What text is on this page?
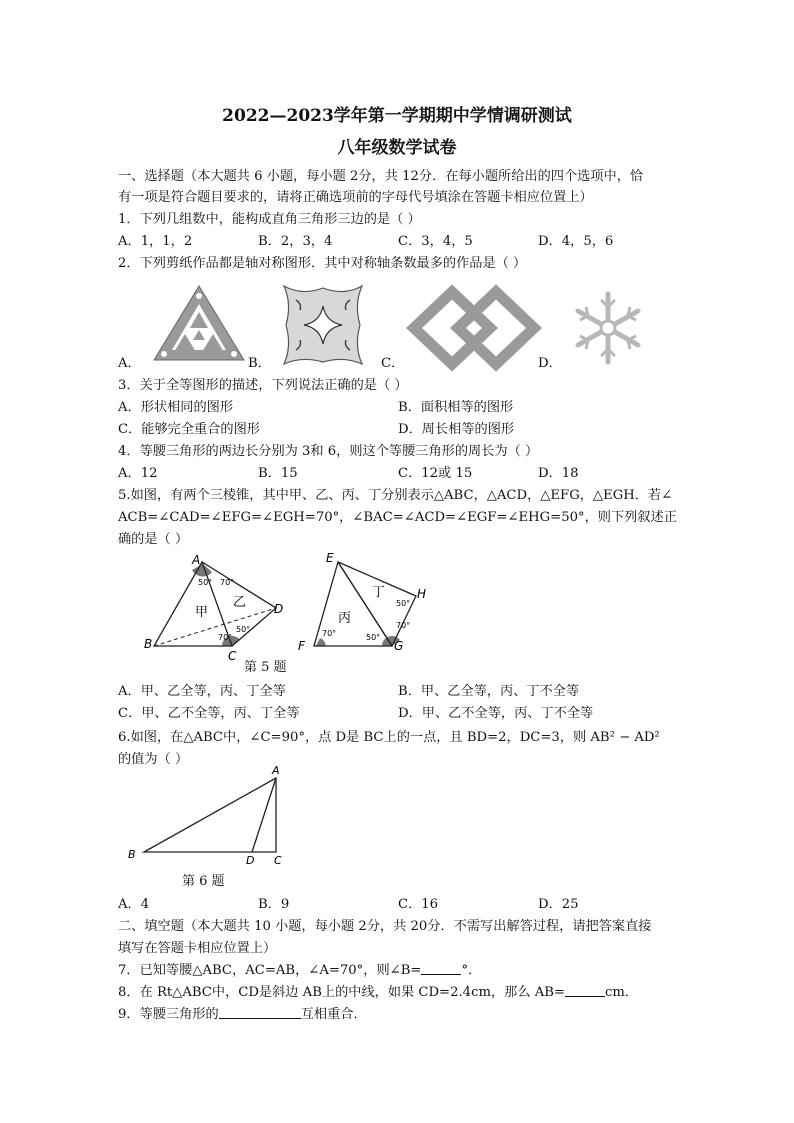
2022—2023学年第一学期期中学情调研测试
八年级数学试卷
一、选择题（本大题共 6 小题，每小题 2分，共 12分．在每小题所给出的四个选项中，恰
有一项是符合题目要求的，请将正确选项前的字母代号填涂在答题卡相应位置上）
1．下列几组数中，能构成直角三角形三边的是（ ）
A．1，1，2	B．2，3，4	C．3，4，5	D．4，5，6
2．下列剪纸作品都是轴对称图形．其中对称轴条数最多的作品是（ ）
A．	B．	C．	D．
3．关于全等图形的描述，下列说法正确的是（ ）
A．形状相同的图形	B．面积相等的图形
C．能够完全重合的图形	D．周长相等的图形
4．等腰三角形的两边长分别为 3和 6，则这个等腰三角形的周长为（ ）
A．12	B．15	C．12或 15	D．18
5.如图，有两个三棱锥，其中甲、乙、丙、丁分别表示△ABC，△ACD，△EFG，△EGH．若∠
ACB=∠CAD=∠EFG=∠EGH=70°，∠BAC=∠ACD=∠EGF=∠EHG=50°，则下列叙述正
确的是（ ）
A
B
C
D
甲
乙
50° 70°
50°
70°
E
F	G
H
丙
丁
50°
70°
70°	50°
第 5 题
A．甲、乙全等，丙、丁全等	B．甲、乙全等，丙、丁不全等
C．甲、乙不全等，丙、丁全等	D．甲、乙不全等，丙、丁不全等
6.如图，在△ABC中，∠C=90°，点 D是 BC上的一点，且 BD=2，DC=3，则 AB² − AD²
的值为（ ）
A
B	C
D
第 6 题
A．4	B．9	C．16	D．25
二、填空题（本大题共 10 小题，每小题 2分，共 20分．不需写出解答过程，请把答案直接
填写在答题卡相应位置上）
7．已知等腰△ABC，AC=AB，∠A=70°，则∠B=	°．
8．在 Rt△ABC中，CD是斜边 AB上的中线，如果 CD=2.4cm，那么 AB=	cm．
9．等腰三角形的	互相重合．
